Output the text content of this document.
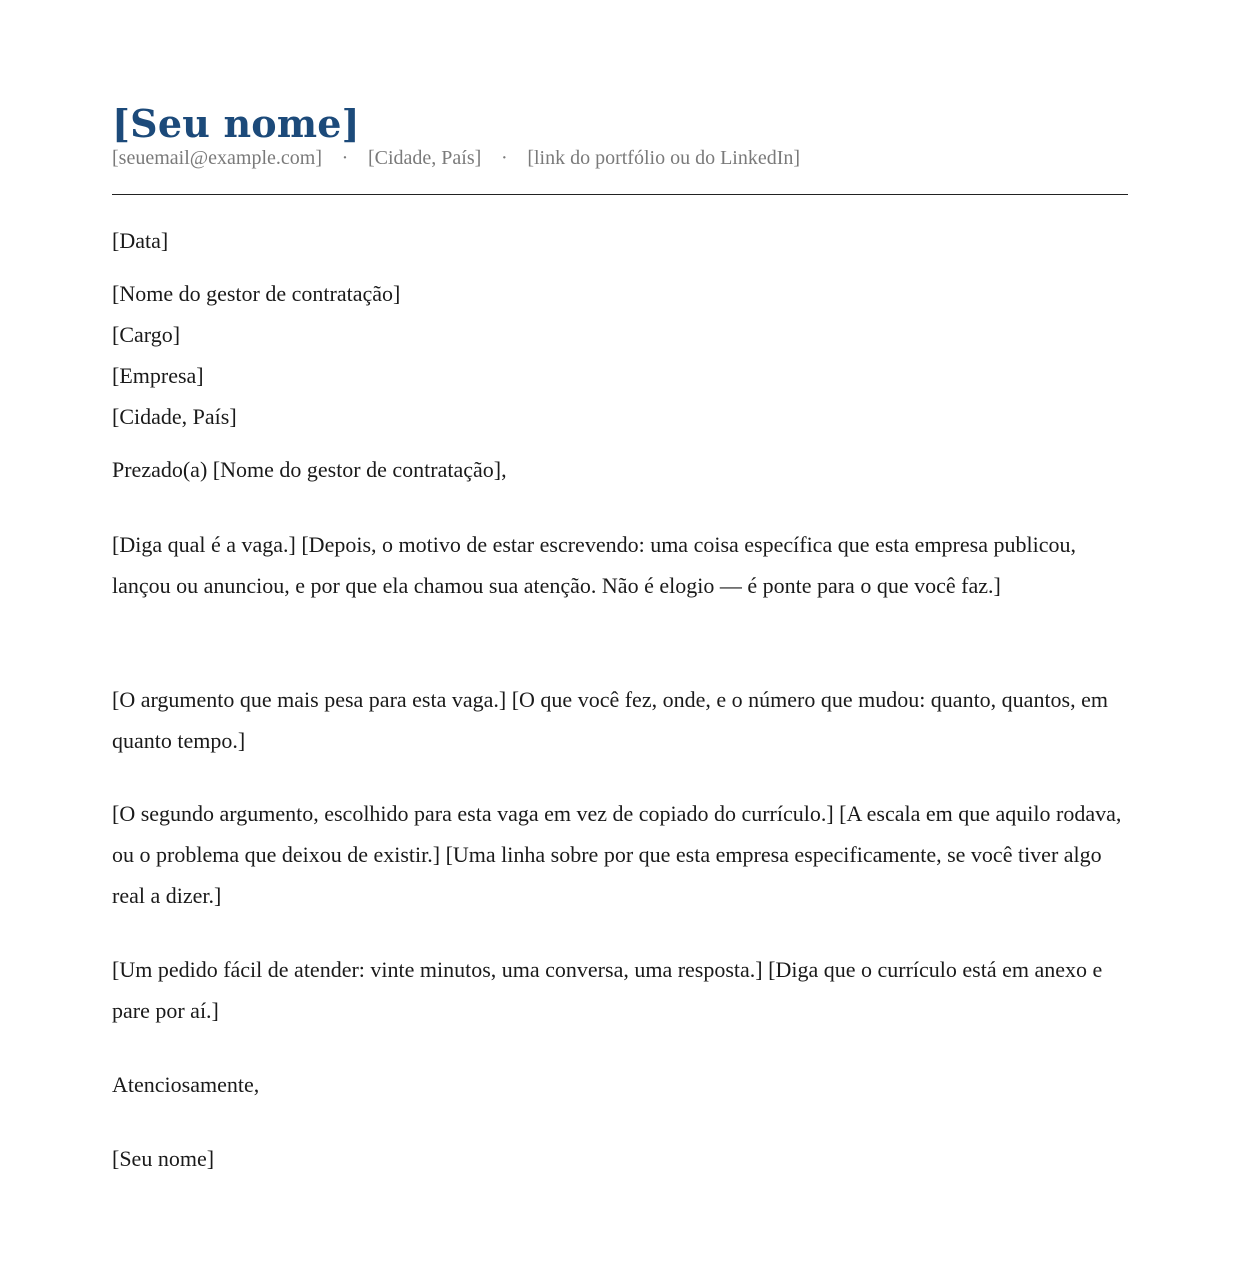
[Seu nome]
[seuemail@example.com] · [Cidade, País] · [link do portfólio ou do LinkedIn]
[Data]
[Nome do gestor de contratação]
[Cargo]
[Empresa]
[Cidade, País]
Prezado(a) [Nome do gestor de contratação],

[Diga qual é a vaga.] [Depois, o motivo de estar escrevendo: uma coisa específica que esta empresa publicou, lançou ou anunciou, e por que ela chamou sua atenção. Não é elogio — é ponte para o que você faz.]

[O argumento que mais pesa para esta vaga.] [O que você fez, onde, e o número que mudou: quanto, quantos, em quanto tempo.]

[O segundo argumento, escolhido para esta vaga em vez de copiado do currículo.] [A escala em que aquilo rodava, ou o problema que deixou de existir.] [Uma linha sobre por que esta empresa especificamente, se você tiver algo real a dizer.]

[Um pedido fácil de atender: vinte minutos, uma conversa, uma resposta.] [Diga que o currículo está em anexo e pare por aí.]

Atenciosamente,
[Seu nome]
